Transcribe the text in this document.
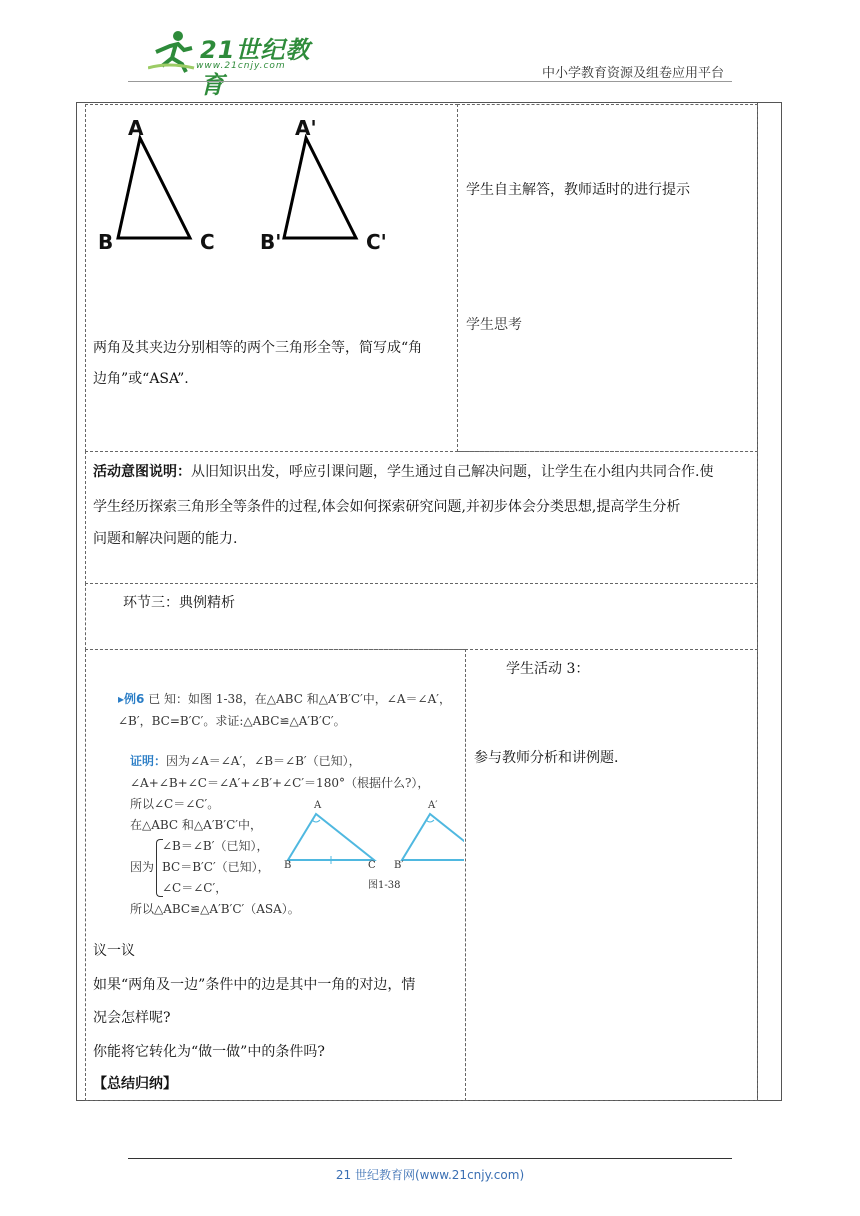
21世纪教育
www.21cnjy.com	中小学教育资源及组卷应用平台
A
B	C
A'
B'	C'
两角及其夹边分别相等的两个三角形全等，简写成“角
边角”或“ASA”.
学生自主解答，教师适时的进行提示
学生思考
活动意图说明：从旧知识出发，呼应引课问题，学生通过自己解决问题，让学生在小组内共同合作.使
学生经历探索三角形全等条件的过程,体会如何探索研究问题,并初步体会分类思想,提高学生分析
问题和解决问题的能力.
环节三：典例精析
▸例6 已 知：如图 1-38，在△ABC 和△A′B′C′中，∠A＝∠A′，
∠B′，BC=B′C′。求证:△ABC≌△A′B′C′。
证明：因为∠A＝∠A′，∠B＝∠B′（已知），
∠A+∠B+∠C＝∠A′+∠B′+∠C′＝180°（根据什么?），
所以∠C＝∠C′。
在△ABC 和△A′B′C′中，
∠B＝∠B′（已知），
因为 BC＝B′C′（已知），
∠C＝∠C′，
所以△ABC≌△A′B′C′（ASA）。
A
B	C
A′
B′
图1-38
议一议
如果“两角及一边”条件中的边是其中一角的对边，情
况会怎样呢?
你能将它转化为“做一做”中的条件吗?
【总结归纳】
学生活动 3：
参与教师分析和讲例题.
21 世纪教育网(www.21cnjy.com)
